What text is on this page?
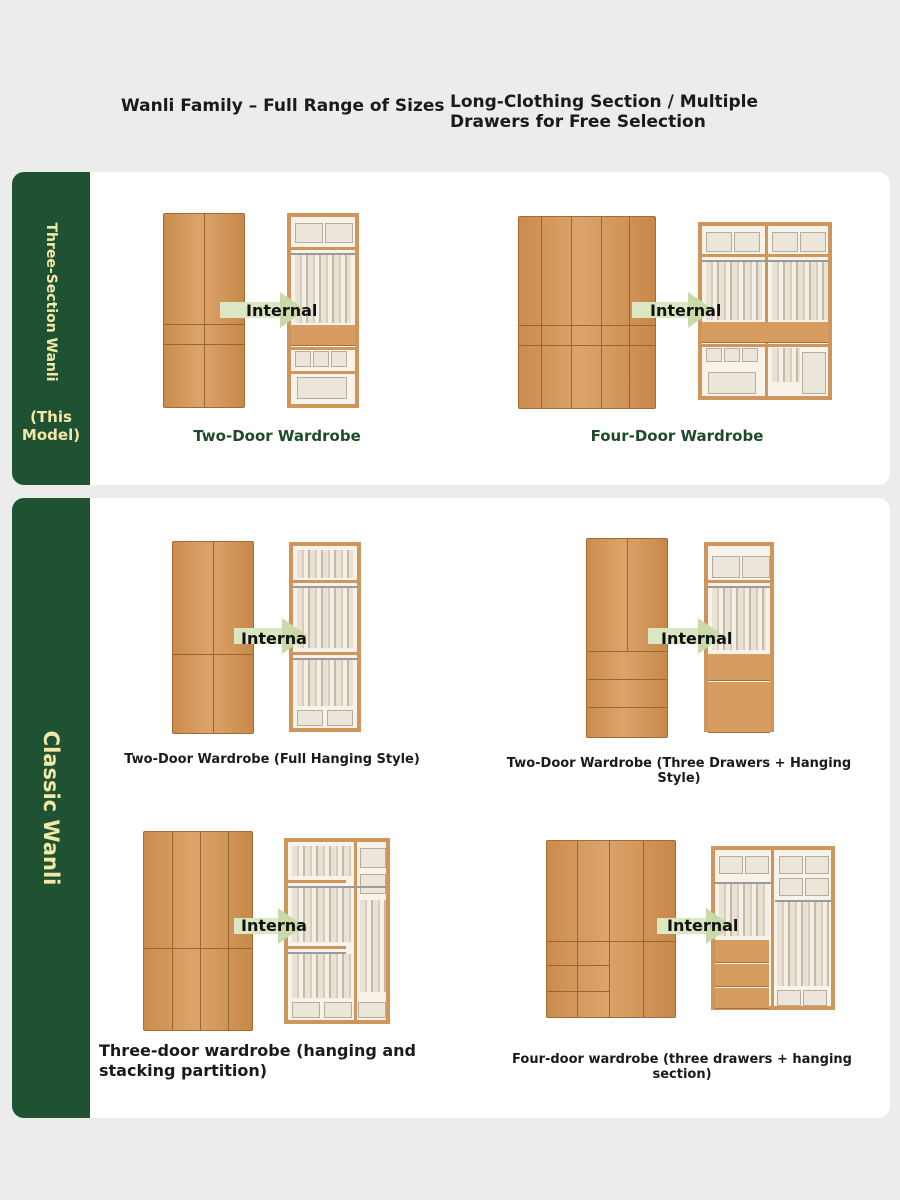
Wanli Family – Full Range of Sizes Long-Clothing Section / Multiple Drawers for Free Selection
Three-Section Wanli
(This Model)
Internal
Two-Door Wardrobe
Internal
Four-Door Wardrobe
Classic Wanli
Interna
Two-Door Wardrobe (Full Hanging Style)
Internal
Two-Door Wardrobe (Three Drawers + Hanging Style)
Interna
Three-door wardrobe (hanging and stacking partition)
Internal
Four-door wardrobe (three drawers + hanging section)
